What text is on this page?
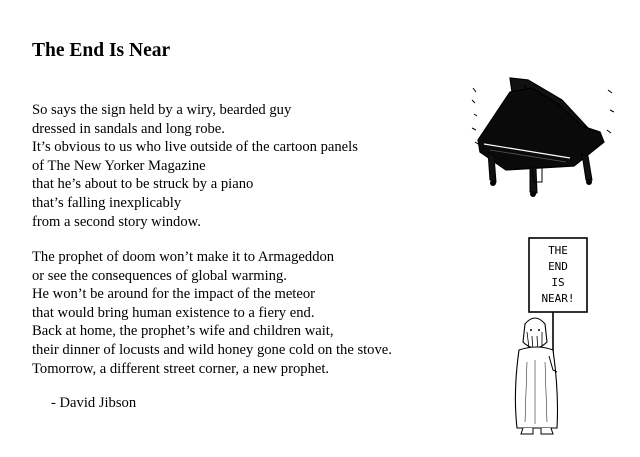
The End Is Near
So says the sign held by a wiry, bearded guy
dressed in sandals and long robe.
It’s obvious to us who live outside of the cartoon panels
of The New Yorker Magazine
that he’s about to be struck by a piano
that’s falling inexplicably
from a second story window.
The prophet of doom won’t make it to Armageddon
or see the consequences of global warming.
He won’t be around for the impact of the meteor
that would bring human existence to a fiery end.
Back at home, the prophet’s wife and children wait,
their dinner of locusts and wild honey gone cold on the stove.
Tomorrow, a different street corner, a new prophet.
- David Jibson
THE
END
IS
NEAR!
